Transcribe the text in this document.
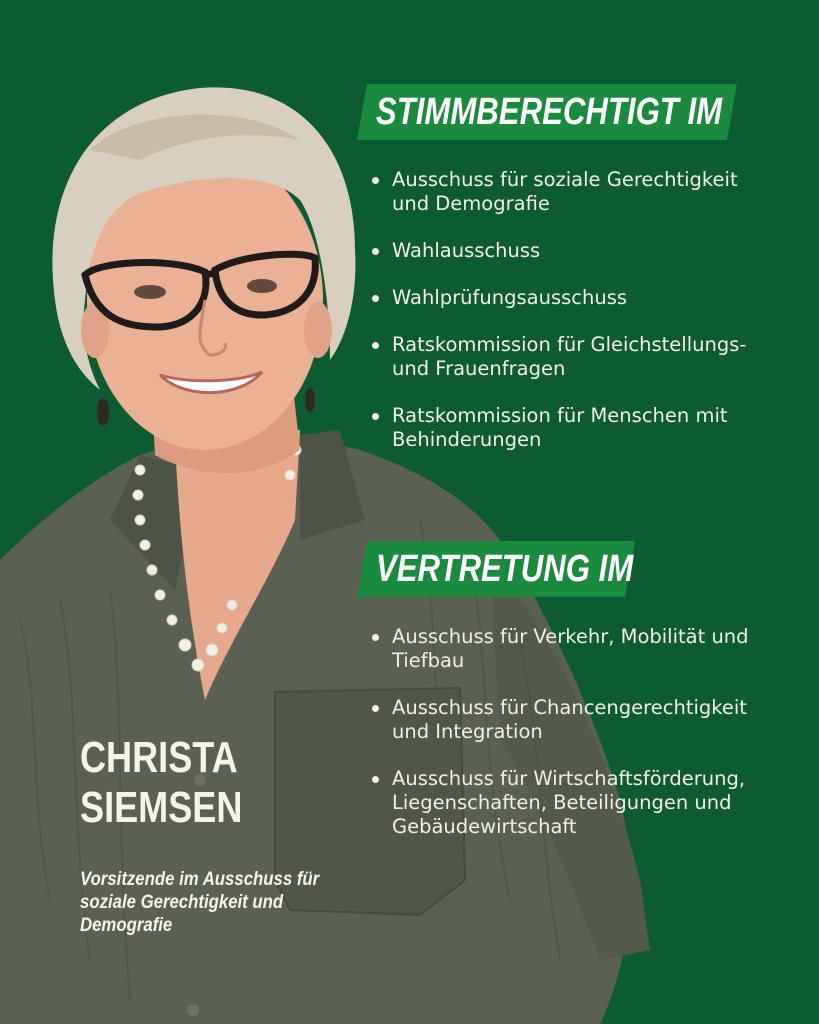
STIMMBERECHTIGT IM
Ausschuss für soziale Gerechtigkeit und Demografie
Wahlausschuss
Wahlprüfungsausschuss
Ratskommission für Gleichstellungs- und Frauenfragen
Ratskommission für Menschen mit Behinderungen
VERTRETUNG IM
Ausschuss für Verkehr, Mobilität und Tiefbau
Ausschuss für Chancengerechtigkeit und Integration
Ausschuss für Wirtschaftsförderung, Liegenschaften, Beteiligungen und Gebäudewirtschaft
CHRISTA
SIEMSEN
Vorsitzende im Ausschuss für soziale Gerechtigkeit und Demografie
